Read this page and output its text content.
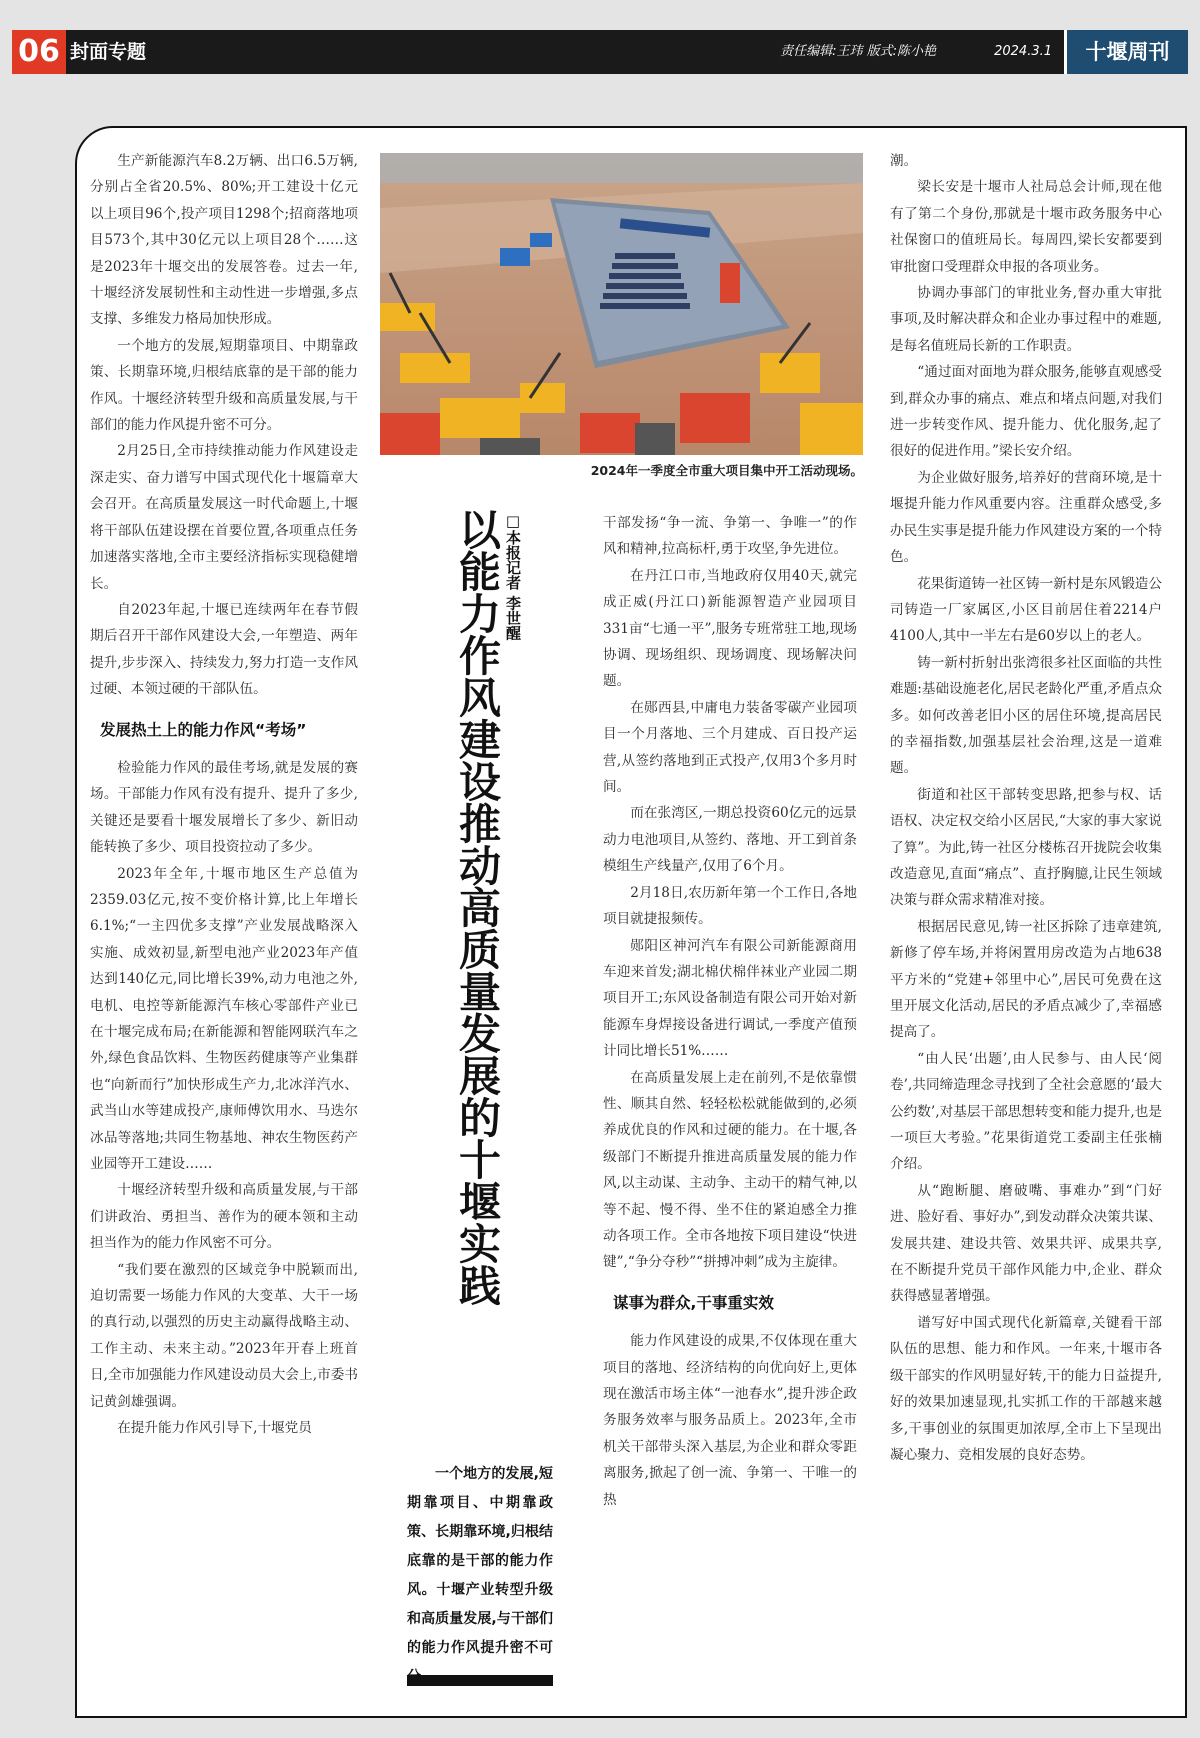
06 封面专题	责任编辑:王玮 版式:陈小艳	2024.3.1	十堰周刊

生产新能源汽车8.2万辆、出口6.5万辆,分别占全省20.5%、80%;开工建设十亿元以上项目96个,投产项目1298个;招商落地项目573个,其中30亿元以上项目28个……这是2023年十堰交出的发展答卷。过去一年,十堰经济发展韧性和主动性进一步增强,多点支撑、多维发力格局加快形成。

一个地方的发展,短期靠项目、中期靠政策、长期靠环境,归根结底靠的是干部的能力作风。十堰经济转型升级和高质量发展,与干部们的能力作风提升密不可分。

2月25日,全市持续推动能力作风建设走深走实、奋力谱写中国式现代化十堰篇章大会召开。在高质量发展这一时代命题上,十堰将干部队伍建设摆在首要位置,各项重点任务加速落实落地,全市主要经济指标实现稳健增长。

自2023年起,十堰已连续两年在春节假期后召开干部作风建设大会,一年塑造、两年提升,步步深入、持续发力,努力打造一支作风过硬、本领过硬的干部队伍。

发展热土上的能力作风“考场”

检验能力作风的最佳考场,就是发展的赛场。干部能力作风有没有提升、提升了多少,关键还是要看十堰发展增长了多少、新旧动能转换了多少、项目投资拉动了多少。

2023年全年,十堰市地区生产总值为2359.03亿元,按不变价格计算,比上年增长6.1%;“一主四优多支撑”产业发展战略深入实施、成效初显,新型电池产业2023年产值达到140亿元,同比增长39%,动力电池之外,电机、电控等新能源汽车核心零部件产业已在十堰完成布局;在新能源和智能网联汽车之外,绿色食品饮料、生物医药健康等产业集群也“向新而行”加快形成生产力,北冰洋汽水、武当山水等建成投产,康师傅饮用水、马迭尔冰品等落地;共同生物基地、神农生物医药产业园等开工建设……

十堰经济转型升级和高质量发展,与干部们讲政治、勇担当、善作为的硬本领和主动担当作为的能力作风密不可分。

“我们要在激烈的区域竞争中脱颖而出,迫切需要一场能力作风的大变革、大干一场的真行动,以强烈的历史主动赢得战略主动、工作主动、未来主动。”2023年开春上班首日,全市加强能力作风建设动员大会上,市委书记黄剑雄强调。

在提升能力作风引导下,十堰党员

2024年一季度全市重大项目集中开工活动现场。
以能力作风建设推动高质量发展的十堰实践 □本报记者 李世醒
一个地方的发展,短期靠项目、中期靠政策、长期靠环境,归根结底靠的是干部的能力作风。十堰产业转型升级和高质量发展,与干部们的能力作风提升密不可

干部发扬“争一流、争第一、争唯一”的作风和精神,拉高标杆,勇于攻坚,争先进位。

在丹江口市,当地政府仅用40天,就完成正威(丹江口)新能源智造产业园项目331亩“七通一平”,服务专班常驻工地,现场协调、现场组织、现场调度、现场解决问题。

在郧西县,中庸电力装备零碳产业园项目一个月落地、三个月建成、百日投产运营,从签约落地到正式投产,仅用3个多月时间。

而在张湾区,一期总投资60亿元的远景动力电池项目,从签约、落地、开工到首条模组生产线量产,仅用了6个月。

2月18日,农历新年第一个工作日,各地项目就捷报频传。

郧阳区神河汽车有限公司新能源商用车迎来首发;湖北棉伏棉伴袜业产业园二期项目开工;东风设备制造有限公司开始对新能源车身焊接设备进行调试,一季度产值预计同比增长51%……

在高质量发展上走在前列,不是依靠惯性、顺其自然、轻轻松松就能做到的,必须养成优良的作风和过硬的能力。在十堰,各级部门不断提升推进高质量发展的能力作风,以主动谋、主动争、主动干的精气神,以等不起、慢不得、坐不住的紧迫感全力推动各项工作。全市各地按下项目建设“快进键”,“争分夺秒”“拼搏冲刺”成为主旋律。

谋事为群众,干事重实效

能力作风建设的成果,不仅体现在重大项目的落地、经济结构的向优向好上,更体现在激活市场主体“一池春水”,提升涉企政务服务效率与服务品质上。2023年,全市机关干部带头深入基层,为企业和群众零距离服务,掀起了创一流、争第一、干唯一的热

潮。

梁长安是十堰市人社局总会计师,现在他有了第二个身份,那就是十堰市政务服务中心社保窗口的值班局长。每周四,梁长安都要到审批窗口受理群众申报的各项业务。

协调办事部门的审批业务,督办重大审批事项,及时解决群众和企业办事过程中的难题,是每名值班局长新的工作职责。

“通过面对面地为群众服务,能够直观感受到,群众办事的痛点、难点和堵点问题,对我们进一步转变作风、提升能力、优化服务,起了很好的促进作用。”梁长安介绍。

为企业做好服务,培养好的营商环境,是十堰提升能力作风重要内容。注重群众感受,多办民生实事是提升能力作风建设方案的一个特色。

花果街道铸一社区铸一新村是东风锻造公司铸造一厂家属区,小区目前居住着2214户4100人,其中一半左右是60岁以上的老人。

铸一新村折射出张湾很多社区面临的共性难题:基础设施老化,居民老龄化严重,矛盾点众多。如何改善老旧小区的居住环境,提高居民的幸福指数,加强基层社会治理,这是一道难题。

街道和社区干部转变思路,把参与权、话语权、决定权交给小区居民,“大家的事大家说了算”。为此,铸一社区分楼栋召开拢院会收集改造意见,直面“痛点”、直抒胸臆,让民生领域决策与群众需求精准对接。

根据居民意见,铸一社区拆除了违章建筑,新修了停车场,并将闲置用房改造为占地638平方米的“党建+邻里中心”,居民可免费在这里开展文化活动,居民的矛盾点减少了,幸福感提高了。

“由人民‘出题’,由人民参与、由人民‘阅卷’,共同缔造理念寻找到了全社会意愿的‘最大公约数’,对基层干部思想转变和能力提升,也是一项巨大考验。”花果街道党工委副主任张楠介绍。

从“跑断腿、磨破嘴、事难办”到“门好进、脸好看、事好办”,到发动群众决策共谋、发展共建、建设共管、效果共评、成果共享,在不断提升党员干部作风能力中,企业、群众获得感显著增强。

谱写好中国式现代化新篇章,关键看干部队伍的思想、能力和作风。一年来,十堰市各级干部实的作风明显好转,干的能力日益提升,好的效果加速显现,扎实抓工作的干部越来越多,干事创业的氛围更加浓厚,全市上下呈现出凝心聚力、竞相发展的良好态势。
